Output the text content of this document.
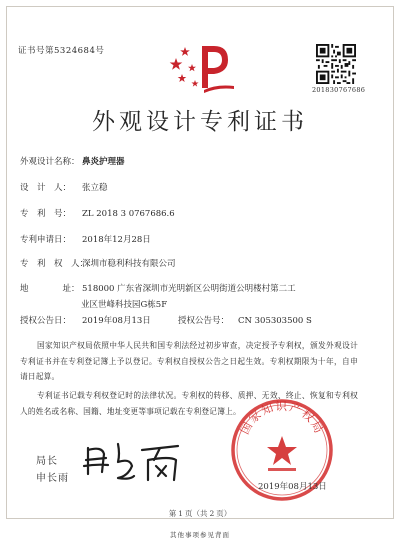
证书号第5324684号
201830767686
外观设计专利证书
外观设计名称： 鼻炎护理器
设　计　人： 张立稳
专　利　号： ZL 2018 3 0767686.6
专利申请日： 2018年12月28日
专　利　权　人：深圳市稳利科技有限公司
地　　　　址： 518000 广东省深圳市光明新区公明街道公明楼村第二工
业区世峰科技园G栋5F
授权公告日： 2019年08月13日	授权公告号： CN 305303500 S
国家知识产权局依照中华人民共和国专利法经过初步审查，决定授予专利权，颁发外观设计专利证书并在专利登记簿上予以登记。专利权自授权公告之日起生效。专利权期限为十年，自申请日起算。
专利证书记载专利权登记时的法律状况。专利权的转移、质押、无效、终止、恢复和专利权人的姓名或名称、国籍、地址变更等事项记载在专利登记簿上。
国家知识产权局
2019年08月13日
局长
申长雨
第 1 页（共 2 页）
其他事项参见背面
